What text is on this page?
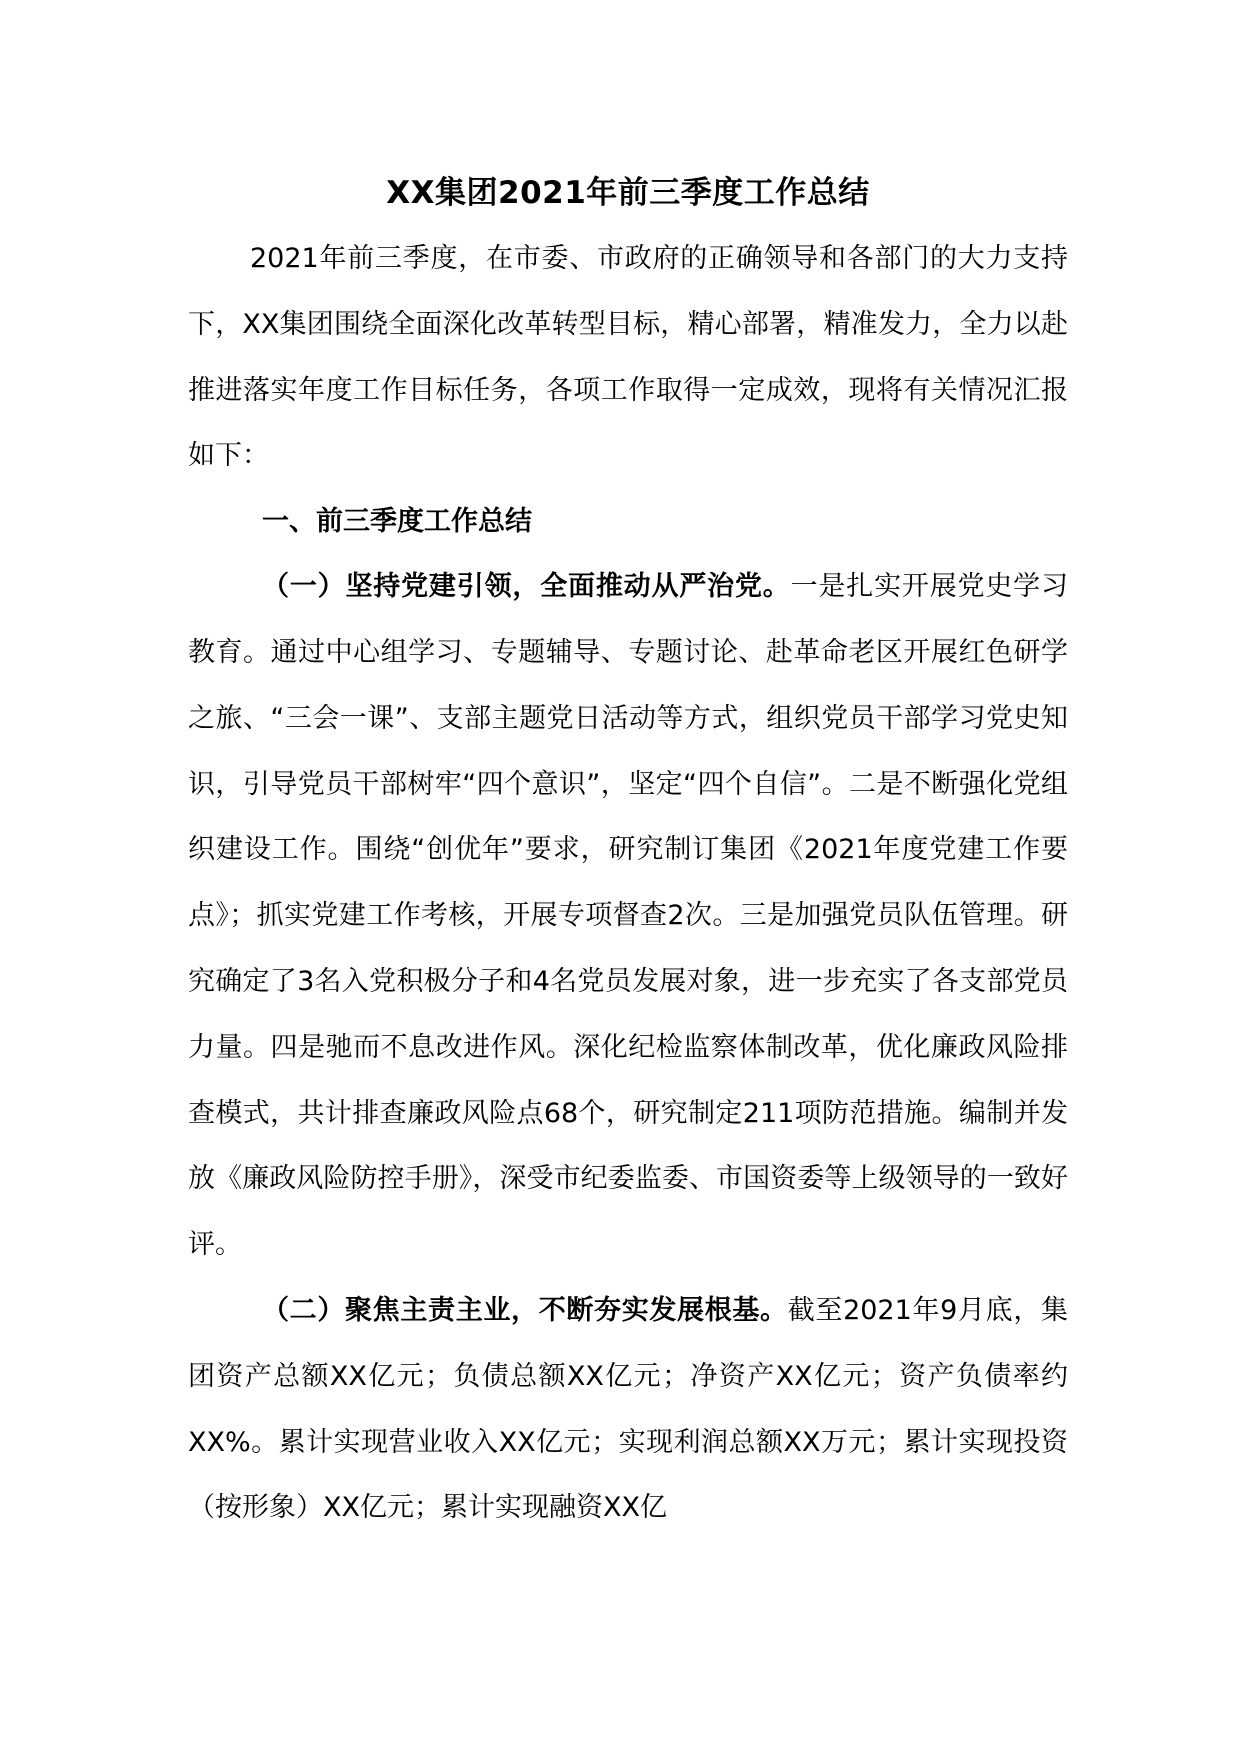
XX集团2021年前三季度工作总结

2021年前三季度，在市委、市政府的正确领导和各部门的大力支持下，XX集团围绕全面深化改革转型目标，精心部署，精准发力，全力以赴推进落实年度工作目标任务，各项工作取得一定成效，现将有关情况汇报如下：

一、前三季度工作总结

（一）坚持党建引领，全面推动从严治党。一是扎实开展党史学习教育。通过中心组学习、专题辅导、专题讨论、赴革命老区开展红色研学之旅、“三会一课”、支部主题党日活动等方式，组织党员干部学习党史知识，引导党员干部树牢“四个意识”，坚定“四个自信”。二是不断强化党组织建设工作。围绕“创优年”要求，研究制订集团《2021年度党建工作要点》；抓实党建工作考核，开展专项督查2次。三是加强党员队伍管理。研究确定了3名入党积极分子和4名党员发展对象，进一步充实了各支部党员力量。四是驰而不息改进作风。深化纪检监察体制改革，优化廉政风险排查模式，共计排查廉政风险点68个，研究制定211项防范措施。编制并发放《廉政风险防控手册》，深受市纪委监委、市国资委等上级领导的一致好评。

（二）聚焦主责主业，不断夯实发展根基。截至2021年9月底，集团资产总额XX亿元；负债总额XX亿元；净资产XX亿元；资产负债率约XX%。累计实现营业收入XX亿元；实现利润总额XX万元；累计实现投资（按形象）XX亿元；累计实现融资XX亿
